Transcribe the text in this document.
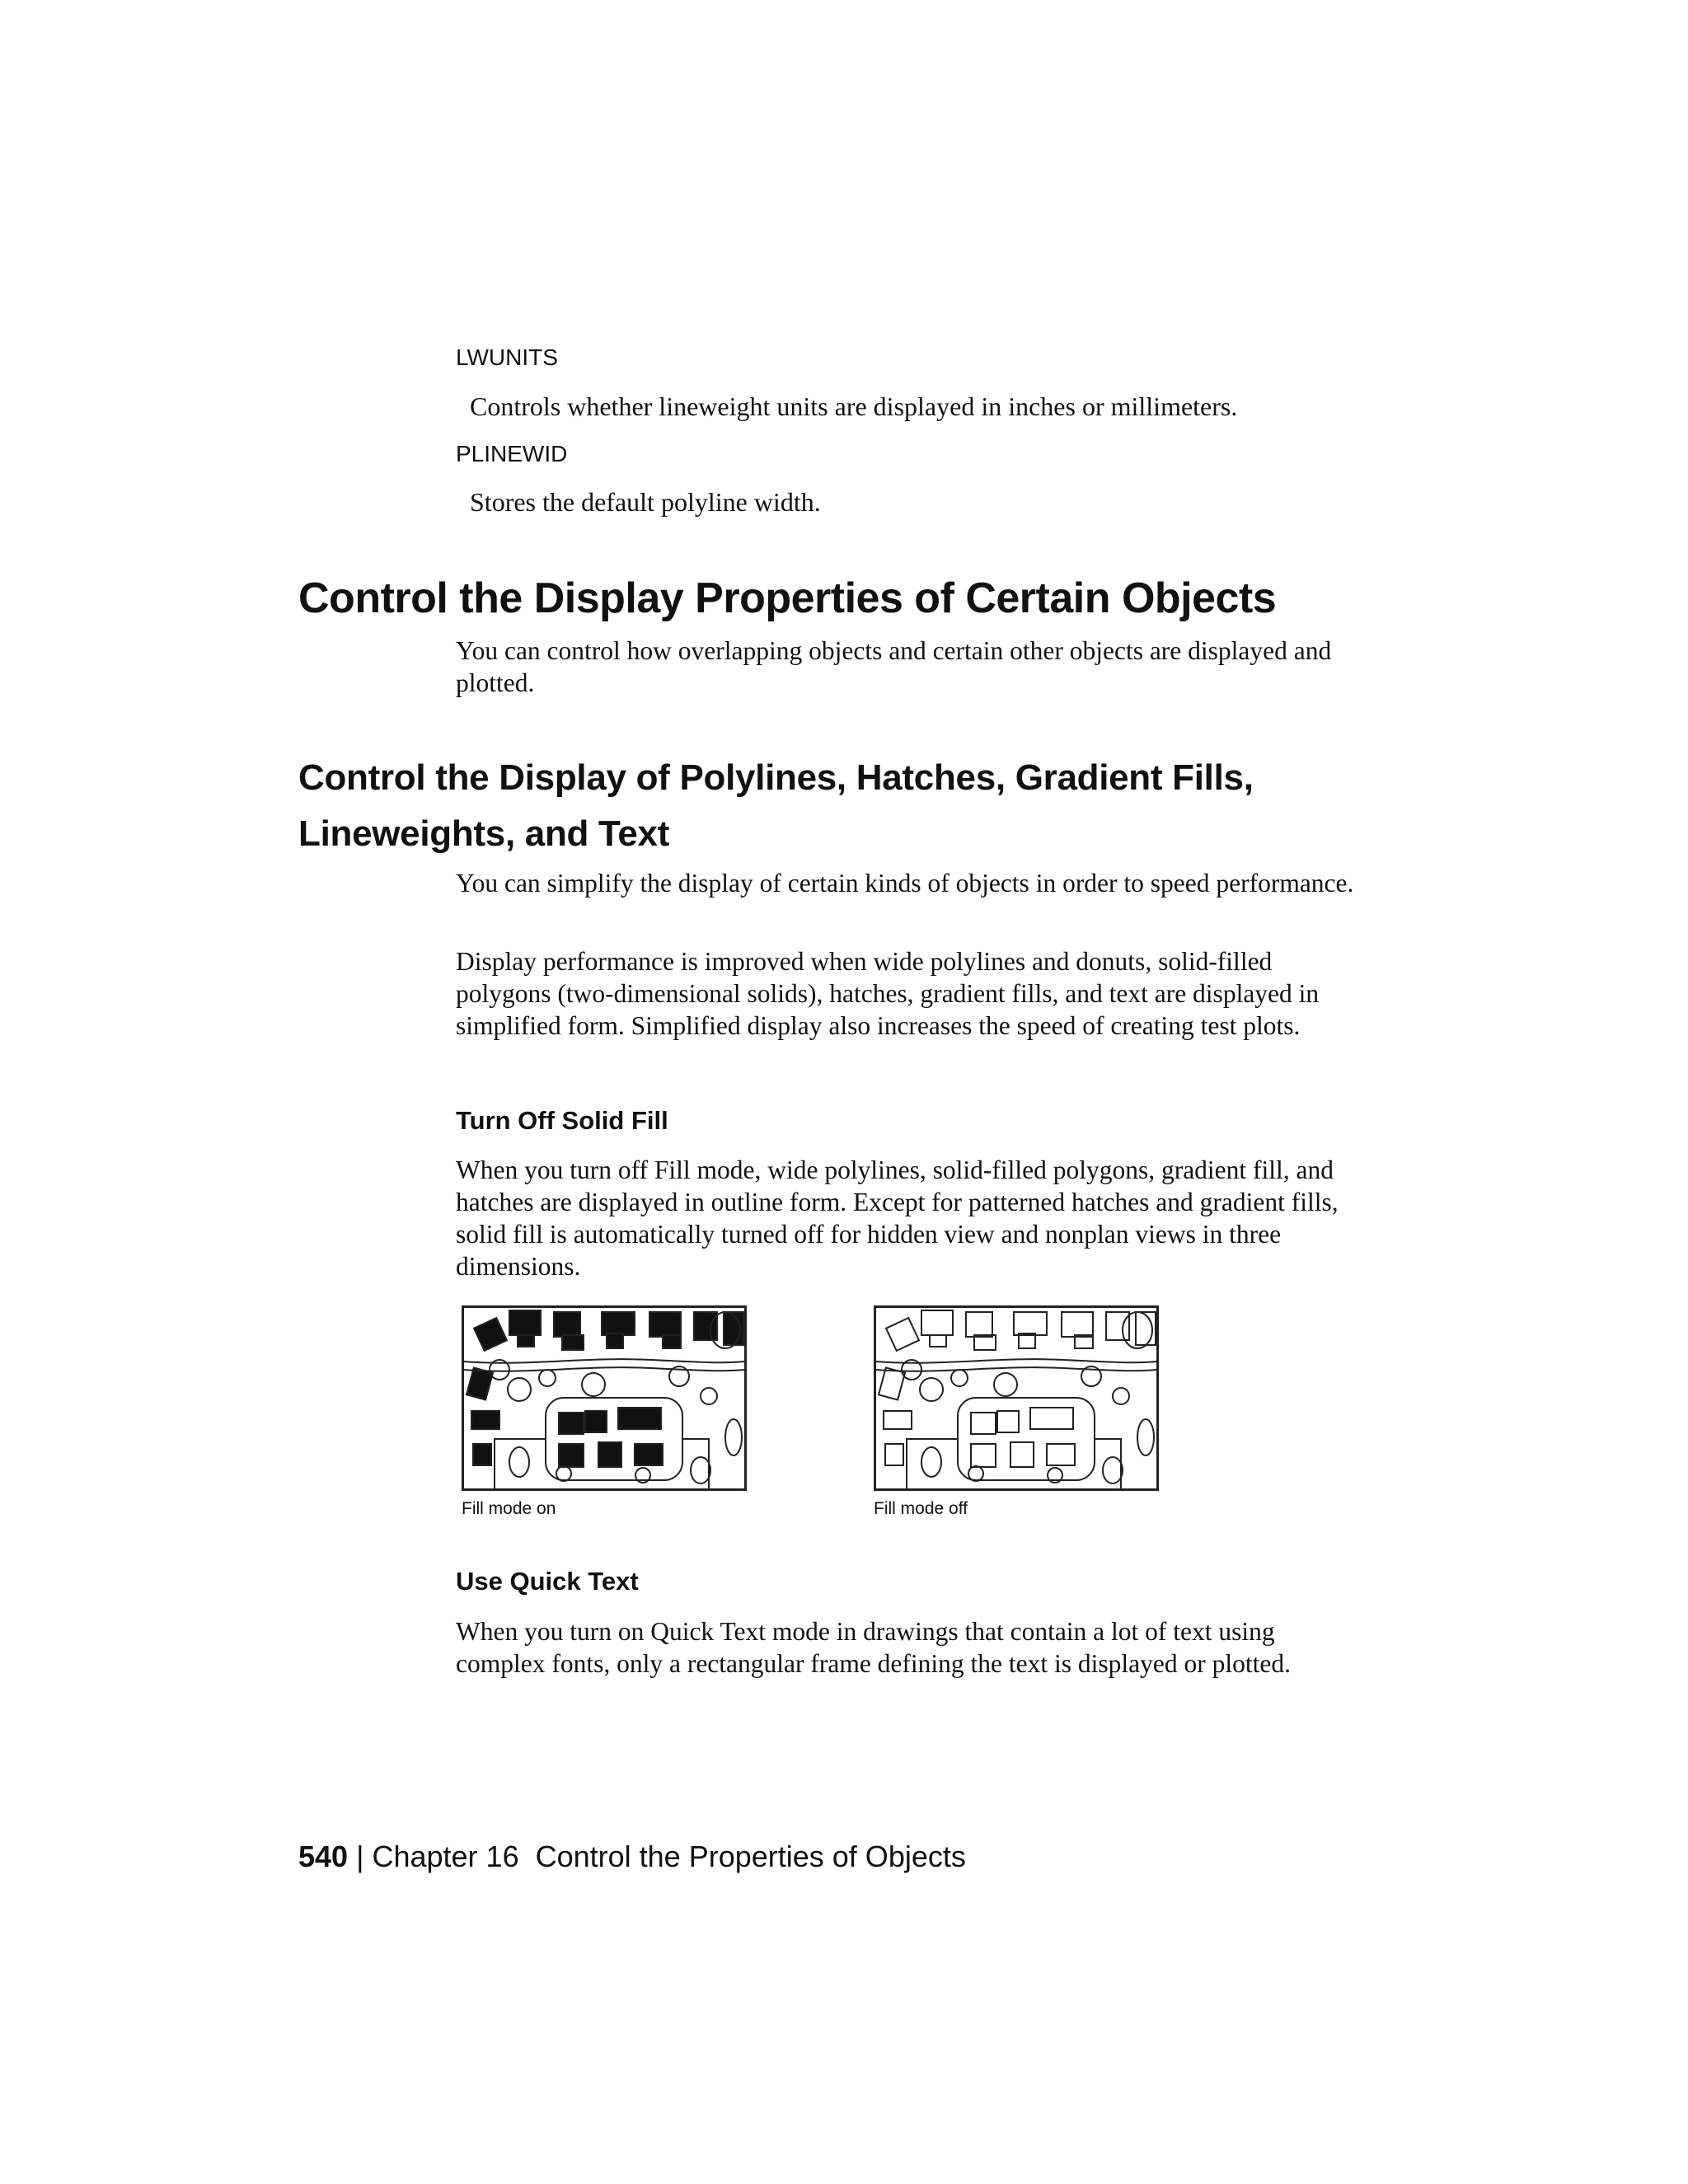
LWUNITS
Controls whether lineweight units are displayed in inches or millimeters.
PLINEWID
Stores the default polyline width.
Control the Display Properties of Certain Objects

You can control how overlapping objects and certain other objects are displayed and plotted.

Control the Display of Polylines, Hatches, Gradient Fills, Lineweights, and Text

You can simplify the display of certain kinds of objects in order to speed performance.

Display performance is improved when wide polylines and donuts, solid-filled polygons (two-dimensional solids), hatches, gradient fills, and text are displayed in simplified form. Simplified display also increases the speed of creating test plots.

Turn Off Solid Fill

When you turn off Fill mode, wide polylines, solid-filled polygons, gradient fill, and hatches are displayed in outline form. Except for patterned hatches and gradient fills, solid fill is automatically turned off for hidden view and nonplan views in three dimensions.

Fill mode on	Fill mode off
Use Quick Text

When you turn on Quick Text mode in drawings that contain a lot of text using complex fonts, only a rectangular frame defining the text is displayed or plotted.

540 | Chapter 16 Control the Properties of Objects
